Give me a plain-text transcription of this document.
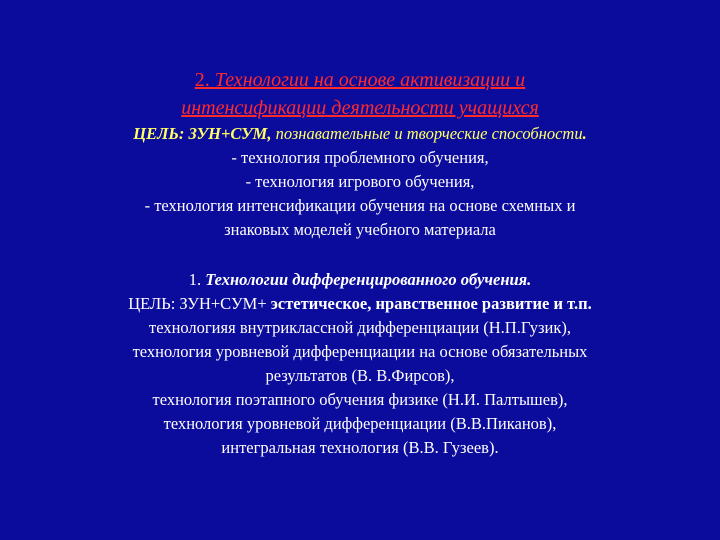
2. Технологии на основе активизации и

интенсификации деятельности учащихся

ЦЕЛЬ: ЗУН+СУМ, познавательные и творческие способности.

- технология проблемного обучения,

- технология игрового обучения,

- технология интенсификации обучения на основе схемных и

знаковых моделей учебного материала

1. Технологии дифференцированного обучения.

ЦЕЛЬ: ЗУН+СУМ+ эстетическое, нравственное развитие и т.п.

технологияя внутриклассной дифференциации (Н.П.Гузик),

технология уровневой дифференциации на основе обязательных

результатов (В. В.Фирсов),

технология поэтапного обучения физике (Н.И. Палтышев),

технология уровневой дифференциации (В.В.Пиканов),

интегральная технология (В.В. Гузеев).
